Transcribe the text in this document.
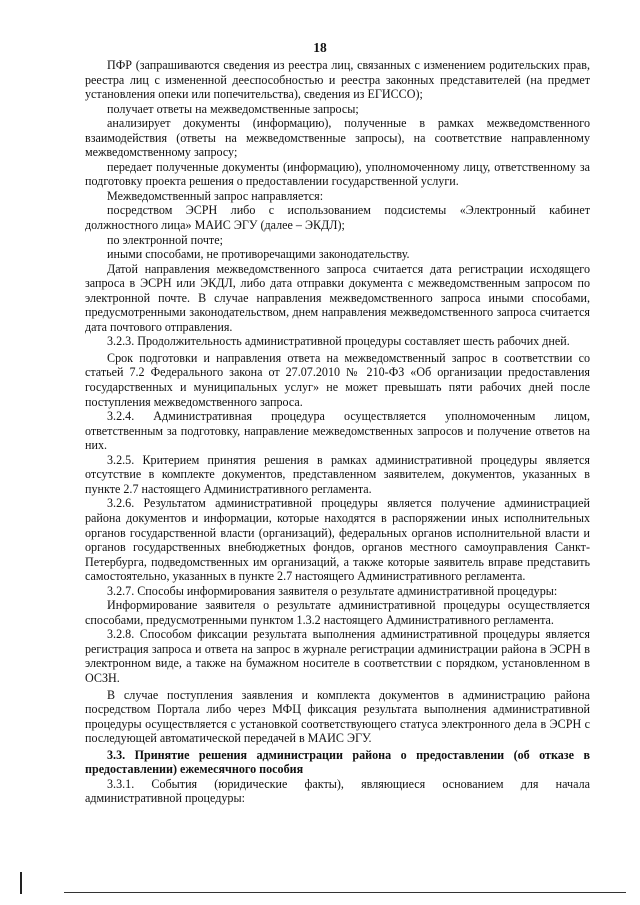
18

ПФР (запрашиваются сведения из реестра лиц, связанных с изменением родительских прав, реестра лиц с измененной дееспособностью и реестра законных представителей (на предмет установления опеки или попечительства), сведения из ЕГИССО);

получает ответы на межведомственные запросы;

анализирует документы (информацию), полученные в рамках межведомственного взаимодействия (ответы на межведомственные запросы), на соответствие направленному межведомственному запросу;

передает полученные документы (информацию), уполномоченному лицу, ответственному за подготовку проекта решения о предоставлении государственной услуги.

Межведомственный запрос направляется:

посредством ЭСРН либо с использованием подсистемы «Электронный кабинет должностного лица» МАИС ЭГУ (далее – ЭКДЛ);

по электронной почте;

иными способами, не противоречащими законодательству.

Датой направления межведомственного запроса считается дата регистрации исходящего запроса в ЭСРН или ЭКДЛ, либо дата отправки документа с межведомственным запросом по электронной почте. В случае направления межведомственного запроса иными способами, предусмотренными законодательством, днем направления межведомственного запроса считается дата почтового отправления.

3.2.3. Продолжительность административной процедуры составляет шесть рабочих дней.

Срок подготовки и направления ответа на межведомственный запрос в соответствии со статьей 7.2 Федерального закона от 27.07.2010 № 210-ФЗ «Об организации предоставления государственных и муниципальных услуг» не может превышать пяти рабочих дней после поступления межведомственного запроса.

3.2.4. Административная процедура осуществляется уполномоченным лицом, ответственным за подготовку, направление межведомственных запросов и получение ответов на них.

3.2.5. Критерием принятия решения в рамках административной процедуры является отсутствие в комплекте документов, представленном заявителем, документов, указанных в пункте 2.7 настоящего Административного регламента.

3.2.6. Результатом административной процедуры является получение администрацией района документов и информации, которые находятся в распоряжении иных исполнительных органов государственной власти (организаций), федеральных органов исполнительной власти и органов государственных внебюджетных фондов, органов местного самоуправления Санкт-Петербурга, подведомственных им организаций, а также которые заявитель вправе представить самостоятельно, указанных в пункте 2.7 настоящего Административного регламента.

3.2.7. Способы информирования заявителя о результате административной процедуры:

Информирование заявителя о результате административной процедуры осуществляется способами, предусмотренными пунктом 1.3.2 настоящего Административного регламента.

3.2.8. Способом фиксации результата выполнения административной процедуры является регистрация запроса и ответа на запрос в журнале регистрации администрации района в ЭСРН в электронном виде, а также на бумажном носителе в соответствии с порядком, установленном в ОСЗН.

В случае поступления заявления и комплекта документов в администрацию района посредством Портала либо через МФЦ фиксация результата выполнения административной процедуры осуществляется с установкой соответствующего статуса электронного дела в ЭСРН с последующей автоматической передачей в МАИС ЭГУ.

3.3. Принятие решения администрации района о предоставлении (об отказе в предоставлении) ежемесячного пособия

3.3.1. События (юридические факты), являющиеся основанием для начала административной процедуры:
